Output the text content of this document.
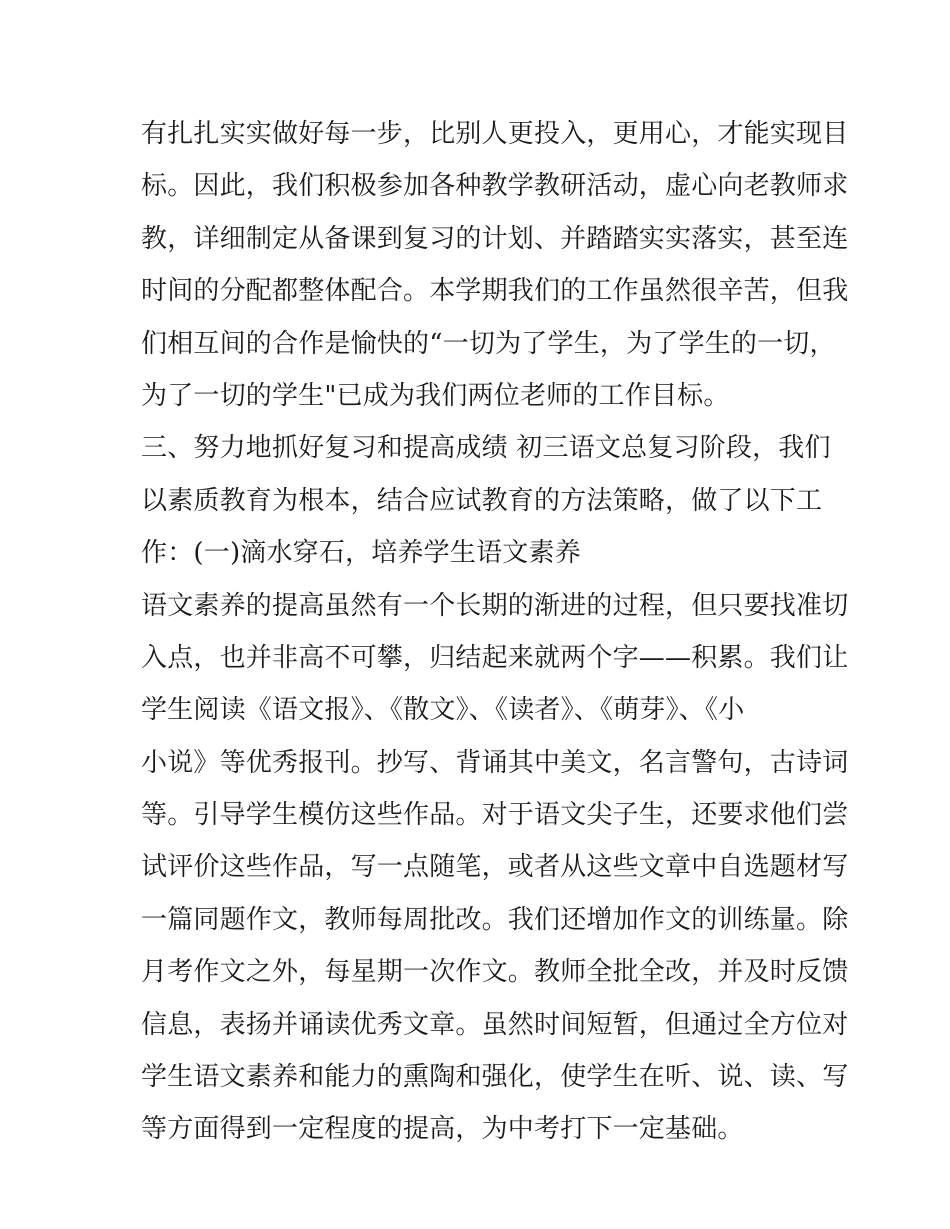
有扎扎实实做好每一步，比别人更投入，更用心，才能实现目
标。因此，我们积极参加各种教学教研活动，虚心向老教师求
教，详细制定从备课到复习的计划、并踏踏实实落实，甚至连
时间的分配都整体配合。本学期我们的工作虽然很辛苦，但我
们相互间的合作是愉快的“一切为了学生，为了学生的一切，
为了一切的学生"已成为我们两位老师的工作目标。
三、努力地抓好复习和提高成绩 初三语文总复习阶段，我们
以素质教育为根本，结合应试教育的方法策略，做了以下工
作：(一)滴水穿石，培养学生语文素养
语文素养的提高虽然有一个长期的渐进的过程，但只要找准切
入点，也并非高不可攀，归结起来就两个字——积累。我们让
学生阅读《语文报》、《散文》、《读者》、《萌芽》、《小
小说》等优秀报刊。抄写、背诵其中美文，名言警句，古诗词
等。引导学生模仿这些作品。对于语文尖子生，还要求他们尝
试评价这些作品，写一点随笔，或者从这些文章中自选题材写
一篇同题作文，教师每周批改。我们还增加作文的训练量。除
月考作文之外，每星期一次作文。教师全批全改，并及时反馈
信息，表扬并诵读优秀文章。虽然时间短暂，但通过全方位对
学生语文素养和能力的熏陶和强化，使学生在听、说、读、写
等方面得到一定程度的提高，为中考打下一定基础。
